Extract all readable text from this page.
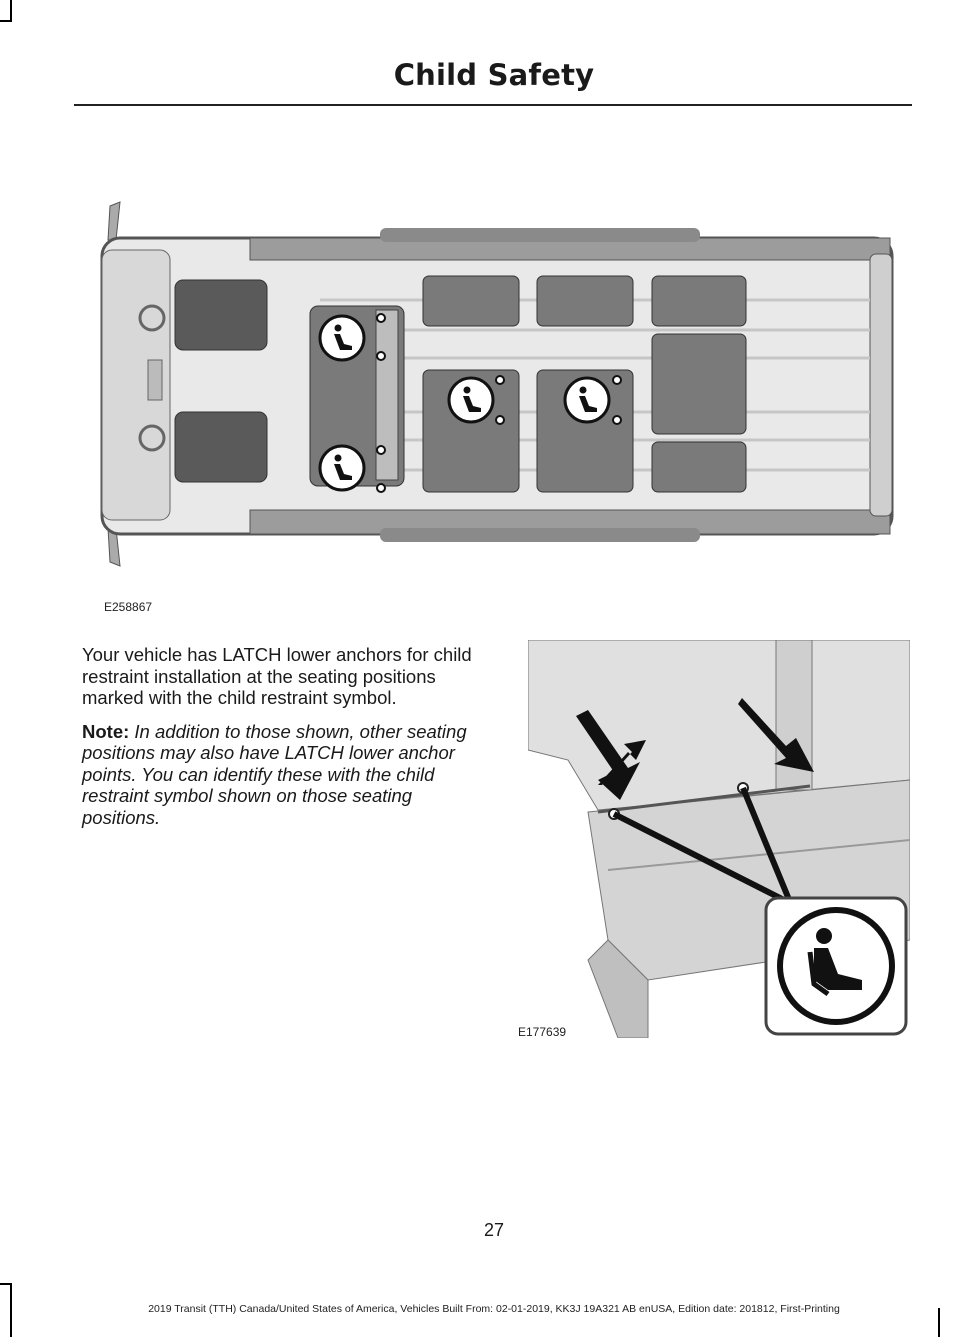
Child Safety
E258867

Your vehicle has LATCH lower anchors for child restraint installation at the seating positions marked with the child restraint symbol.

Note: In addition to those shown, other seating positions may also have LATCH lower anchor points. You can identify these with the child restraint symbol shown on those seating positions.

E177639
27
2019 Transit (TTH) Canada/United States of America, Vehicles Built From: 02-01-2019, KK3J 19A321 AB enUSA, Edition date: 201812, First-Printing
